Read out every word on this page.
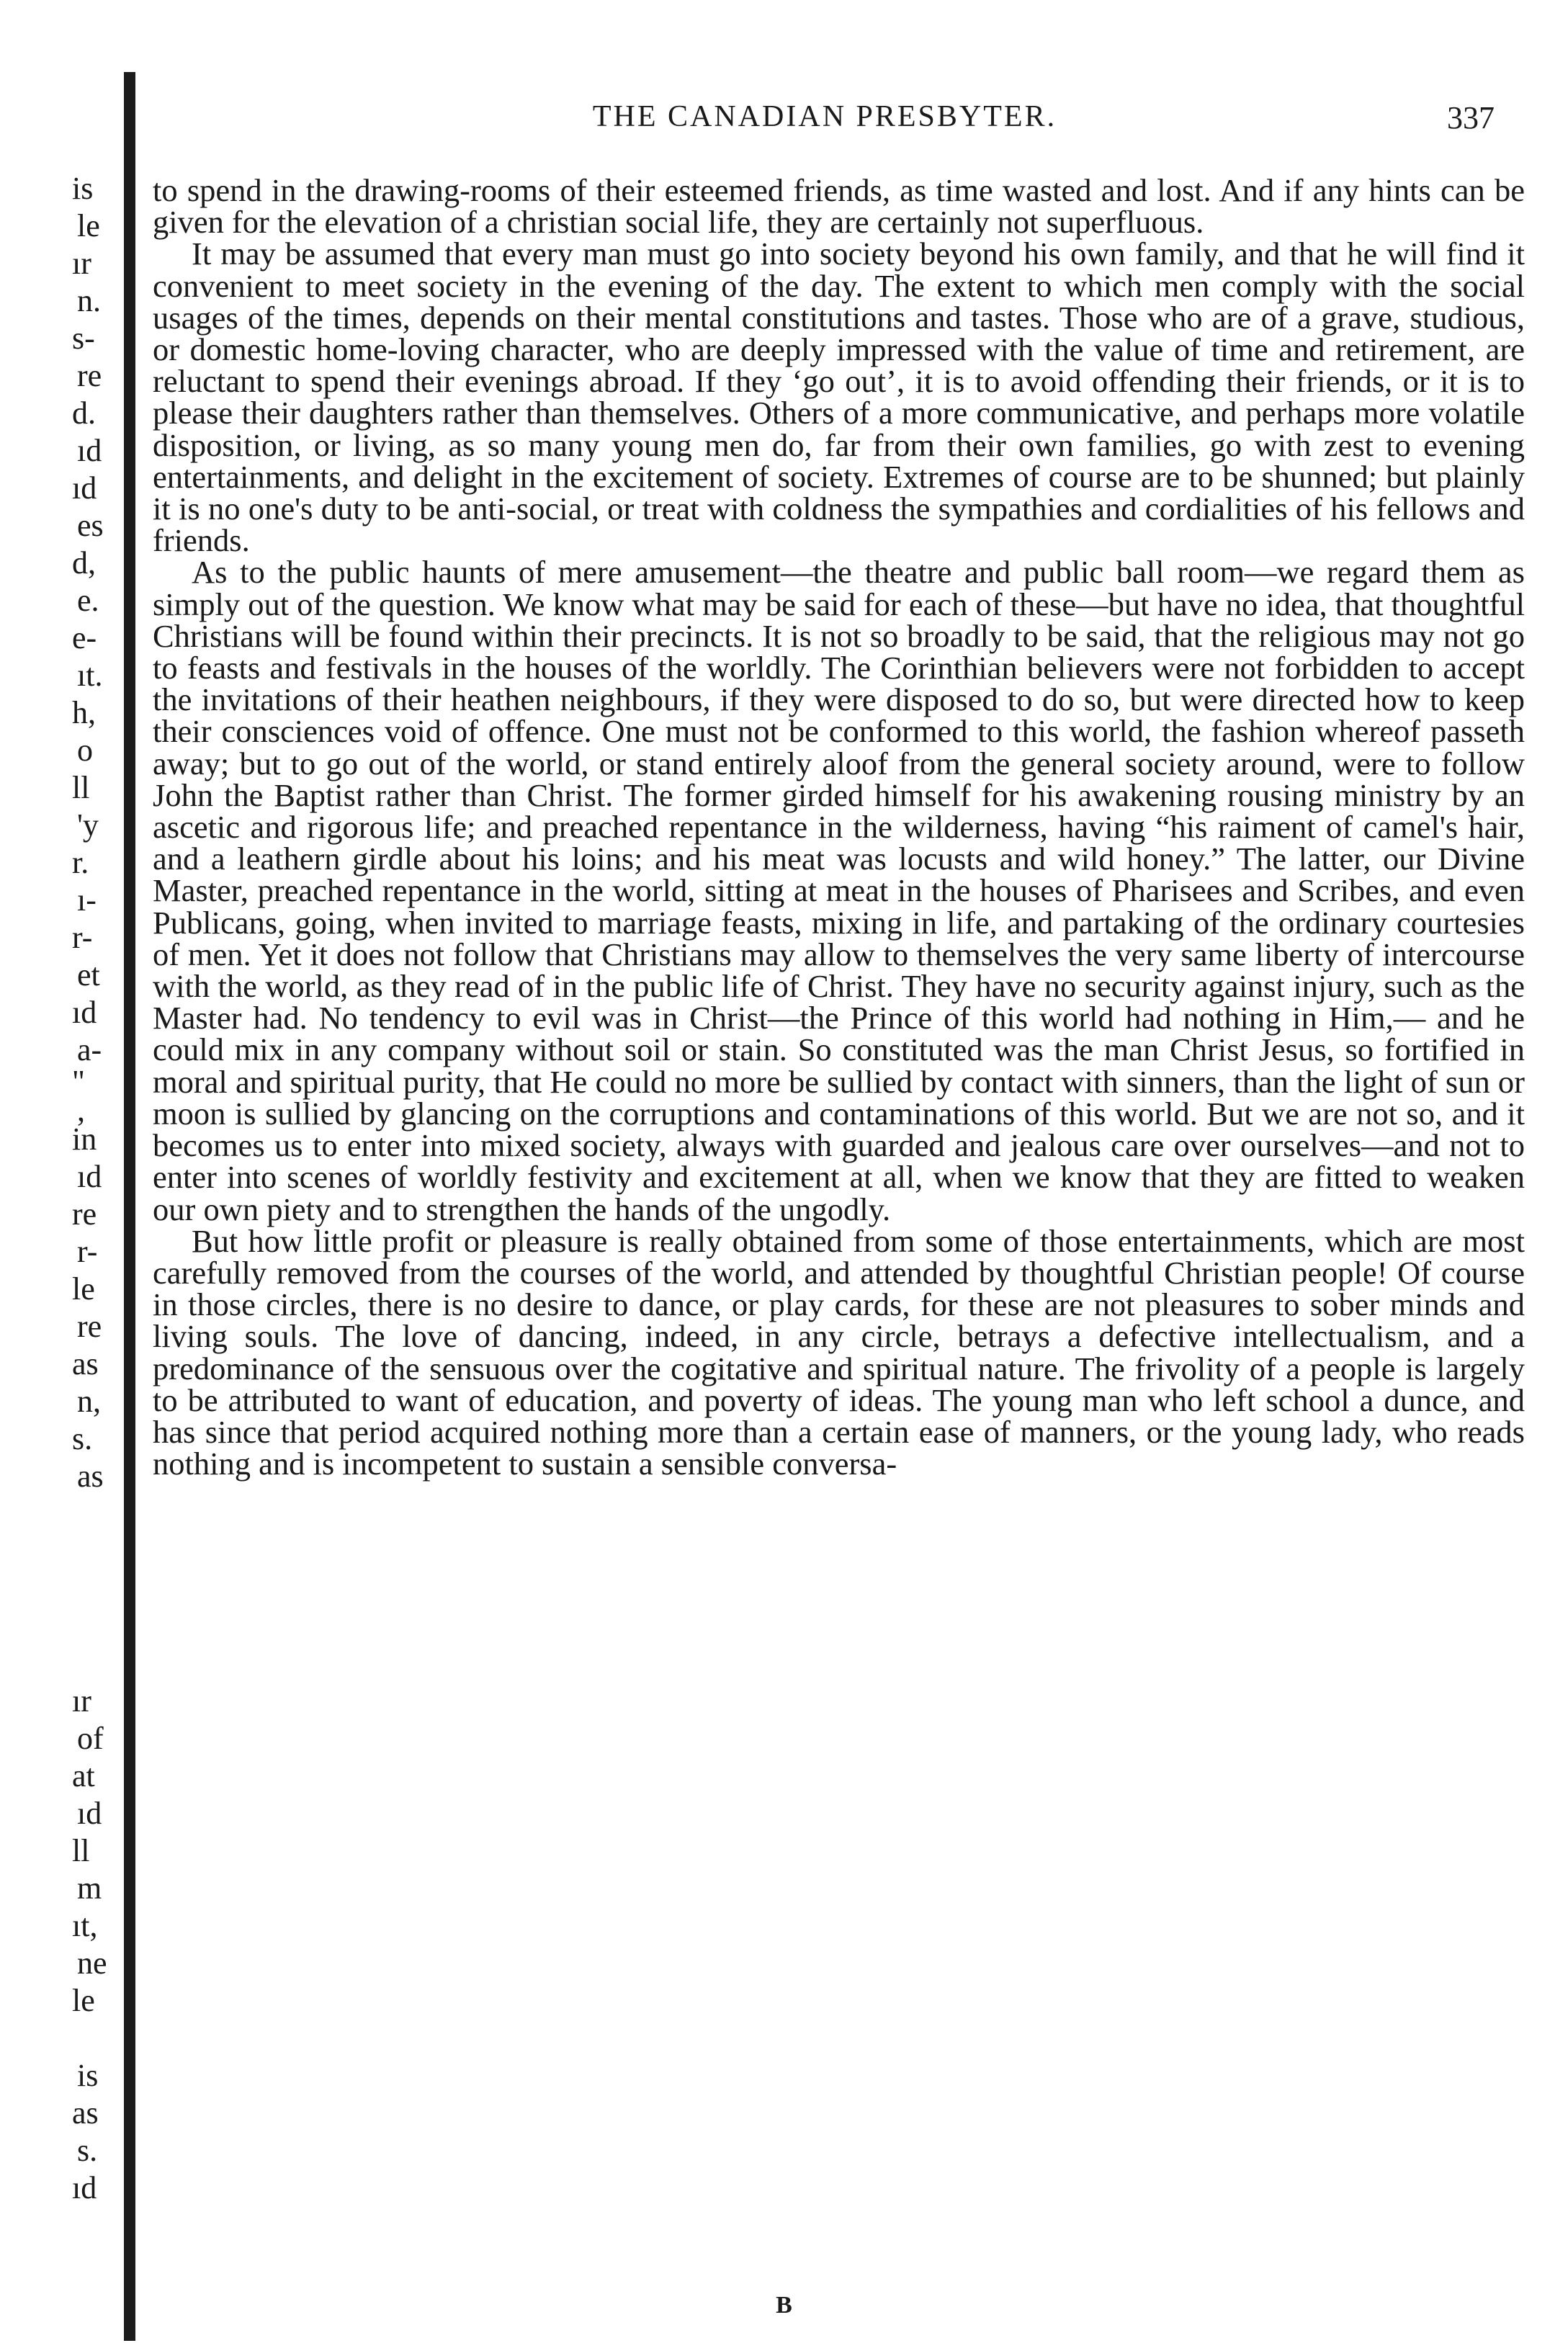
is
le
ır
n.
s-
re
d.
ıd
ıd
es
d,
e.
e-
ıt.
h,
o
ll
'y
r.
ı-
r-
et
ıd
a-
"
,
in
ıd
re
r-
le
re
as
n,
s.
as
ır
of
at
ıd
ll
m
ıt,
ne
le
is
as
s.
ıd
THE CANADIAN PRESBYTER.	337

to spend in the drawing-rooms of their esteemed friends, as time wasted and lost. And if any hints can be given for the elevation of a christian social life, they are certainly not superfluous.

It may be assumed that every man must go into society beyond his own family, and that he will find it convenient to meet society in the evening of the day. The extent to which men comply with the social usages of the times, depends on their mental constitutions and tastes. Those who are of a grave, studious, or domestic home-loving character, who are deeply impressed with the value of time and retirement, are reluctant to spend their evenings abroad. If they ‘go out’, it is to avoid offending their friends, or it is to please their daughters rather than themselves. Others of a more communicative, and perhaps more volatile disposition, or living, as so many young men do, far from their own families, go with zest to evening entertainments, and delight in the excitement of society. Extremes of course are to be shunned; but plainly it is no one's duty to be anti-social, or treat with coldness the sympathies and cordialities of his fellows and friends.

As to the public haunts of mere amusement—the theatre and public ball room—we regard them as simply out of the question. We know what may be said for each of these—but have no idea, that thoughtful Christians will be found within their precincts. It is not so broadly to be said, that the religious may not go to feasts and festivals in the houses of the worldly. The Corinthian believers were not forbidden to accept the invitations of their heathen neighbours, if they were disposed to do so, but were directed how to keep their consciences void of offence. One must not be conformed to this world, the fashion whereof passeth away; but to go out of the world, or stand entirely aloof from the general society around, were to follow John the Baptist rather than Christ. The former girded himself for his awakening rousing ministry by an ascetic and rigorous life; and preached repentance in the wilderness, having “his raiment of camel's hair, and a leathern girdle about his loins; and his meat was locusts and wild honey.” The latter, our Divine Master, preached repentance in the world, sitting at meat in the houses of Pharisees and Scribes, and even Publicans, going, when invited to marriage feasts, mixing in life, and partaking of the ordinary courtesies of men. Yet it does not follow that Christians may allow to themselves the very same liberty of intercourse with the world, as they read of in the public life of Christ. They have no security against injury, such as the Master had. No tendency to evil was in Christ—the Prince of this world had nothing in Him,— and he could mix in any company without soil or stain. So constituted was the man Christ Jesus, so fortified in moral and spiritual purity, that He could no more be sullied by contact with sinners, than the light of sun or moon is sullied by glancing on the corruptions and contaminations of this world. But we are not so, and it becomes us to enter into mixed society, always with guarded and jealous care over ourselves—and not to enter into scenes of worldly festivity and excitement at all, when we know that they are fitted to weaken our own piety and to strengthen the hands of the ungodly.

But how little profit or pleasure is really obtained from some of those entertainments, which are most carefully removed from the courses of the world, and attended by thoughtful Christian people! Of course in those circles, there is no desire to dance, or play cards, for these are not pleasures to sober minds and living souls. The love of dancing, indeed, in any circle, betrays a defective intellectualism, and a predominance of the sensuous over the cogitative and spiritual nature. The frivolity of a people is largely to be attributed to want of education, and poverty of ideas. The young man who left school a dunce, and has since that period acquired nothing more than a certain ease of manners, or the young lady, who reads nothing and is incompetent to sustain a sensible conversa-

B
